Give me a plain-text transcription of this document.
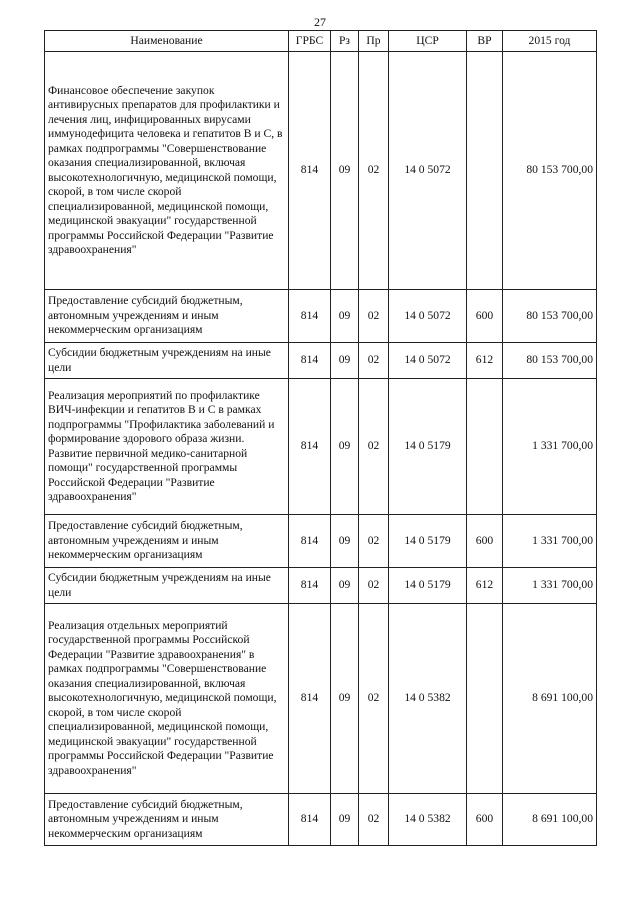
27
Наименование	ГРБС	Рз	Пр	ЦСР	ВР	2015 год
Финансовое обеспечение закупок антивирусных препаратов для профилактики и лечения лиц, инфицированных вирусами иммунодефицита человека и гепатитов В и С, в рамках подпрограммы "Совершенствование оказания специализированной, включая высокотехнологичную, медицинской помощи, скорой, в том числе скорой специализированной, медицинской помощи, медицинской эвакуации" государственной программы Российской Федерации "Развитие здравоохранения"	814	09	02	14 0 5072		80 153 700,00
Предоставление субсидий бюджетным, автономным учреждениям и иным некоммерческим организациям	814	09	02	14 0 5072	600	80 153 700,00
Субсидии бюджетным учреждениям на иные цели	814	09	02	14 0 5072	612	80 153 700,00
Реализация мероприятий по профилактике ВИЧ-инфекции и гепатитов В и С в рамках подпрограммы "Профилактика заболеваний и формирование здорового образа жизни. Развитие первичной медико-санитарной помощи" государственной программы Российской Федерации "Развитие здравоохранения"	814	09	02	14 0 5179		1 331 700,00
Предоставление субсидий бюджетным, автономным учреждениям и иным некоммерческим организациям	814	09	02	14 0 5179	600	1 331 700,00
Субсидии бюджетным учреждениям на иные цели	814	09	02	14 0 5179	612	1 331 700,00
Реализация отдельных мероприятий государственной программы Российской Федерации "Развитие здравоохранения" в рамках подпрограммы "Совершенствование оказания специализированной, включая высокотехнологичную, медицинской помощи, скорой, в том числе скорой специализированной, медицинской помощи, медицинской эвакуации" государственной программы Российской Федерации "Развитие здравоохранения"	814	09	02	14 0 5382		8 691 100,00
Предоставление субсидий бюджетным, автономным учреждениям и иным некоммерческим организациям	814	09	02	14 0 5382	600	8 691 100,00
